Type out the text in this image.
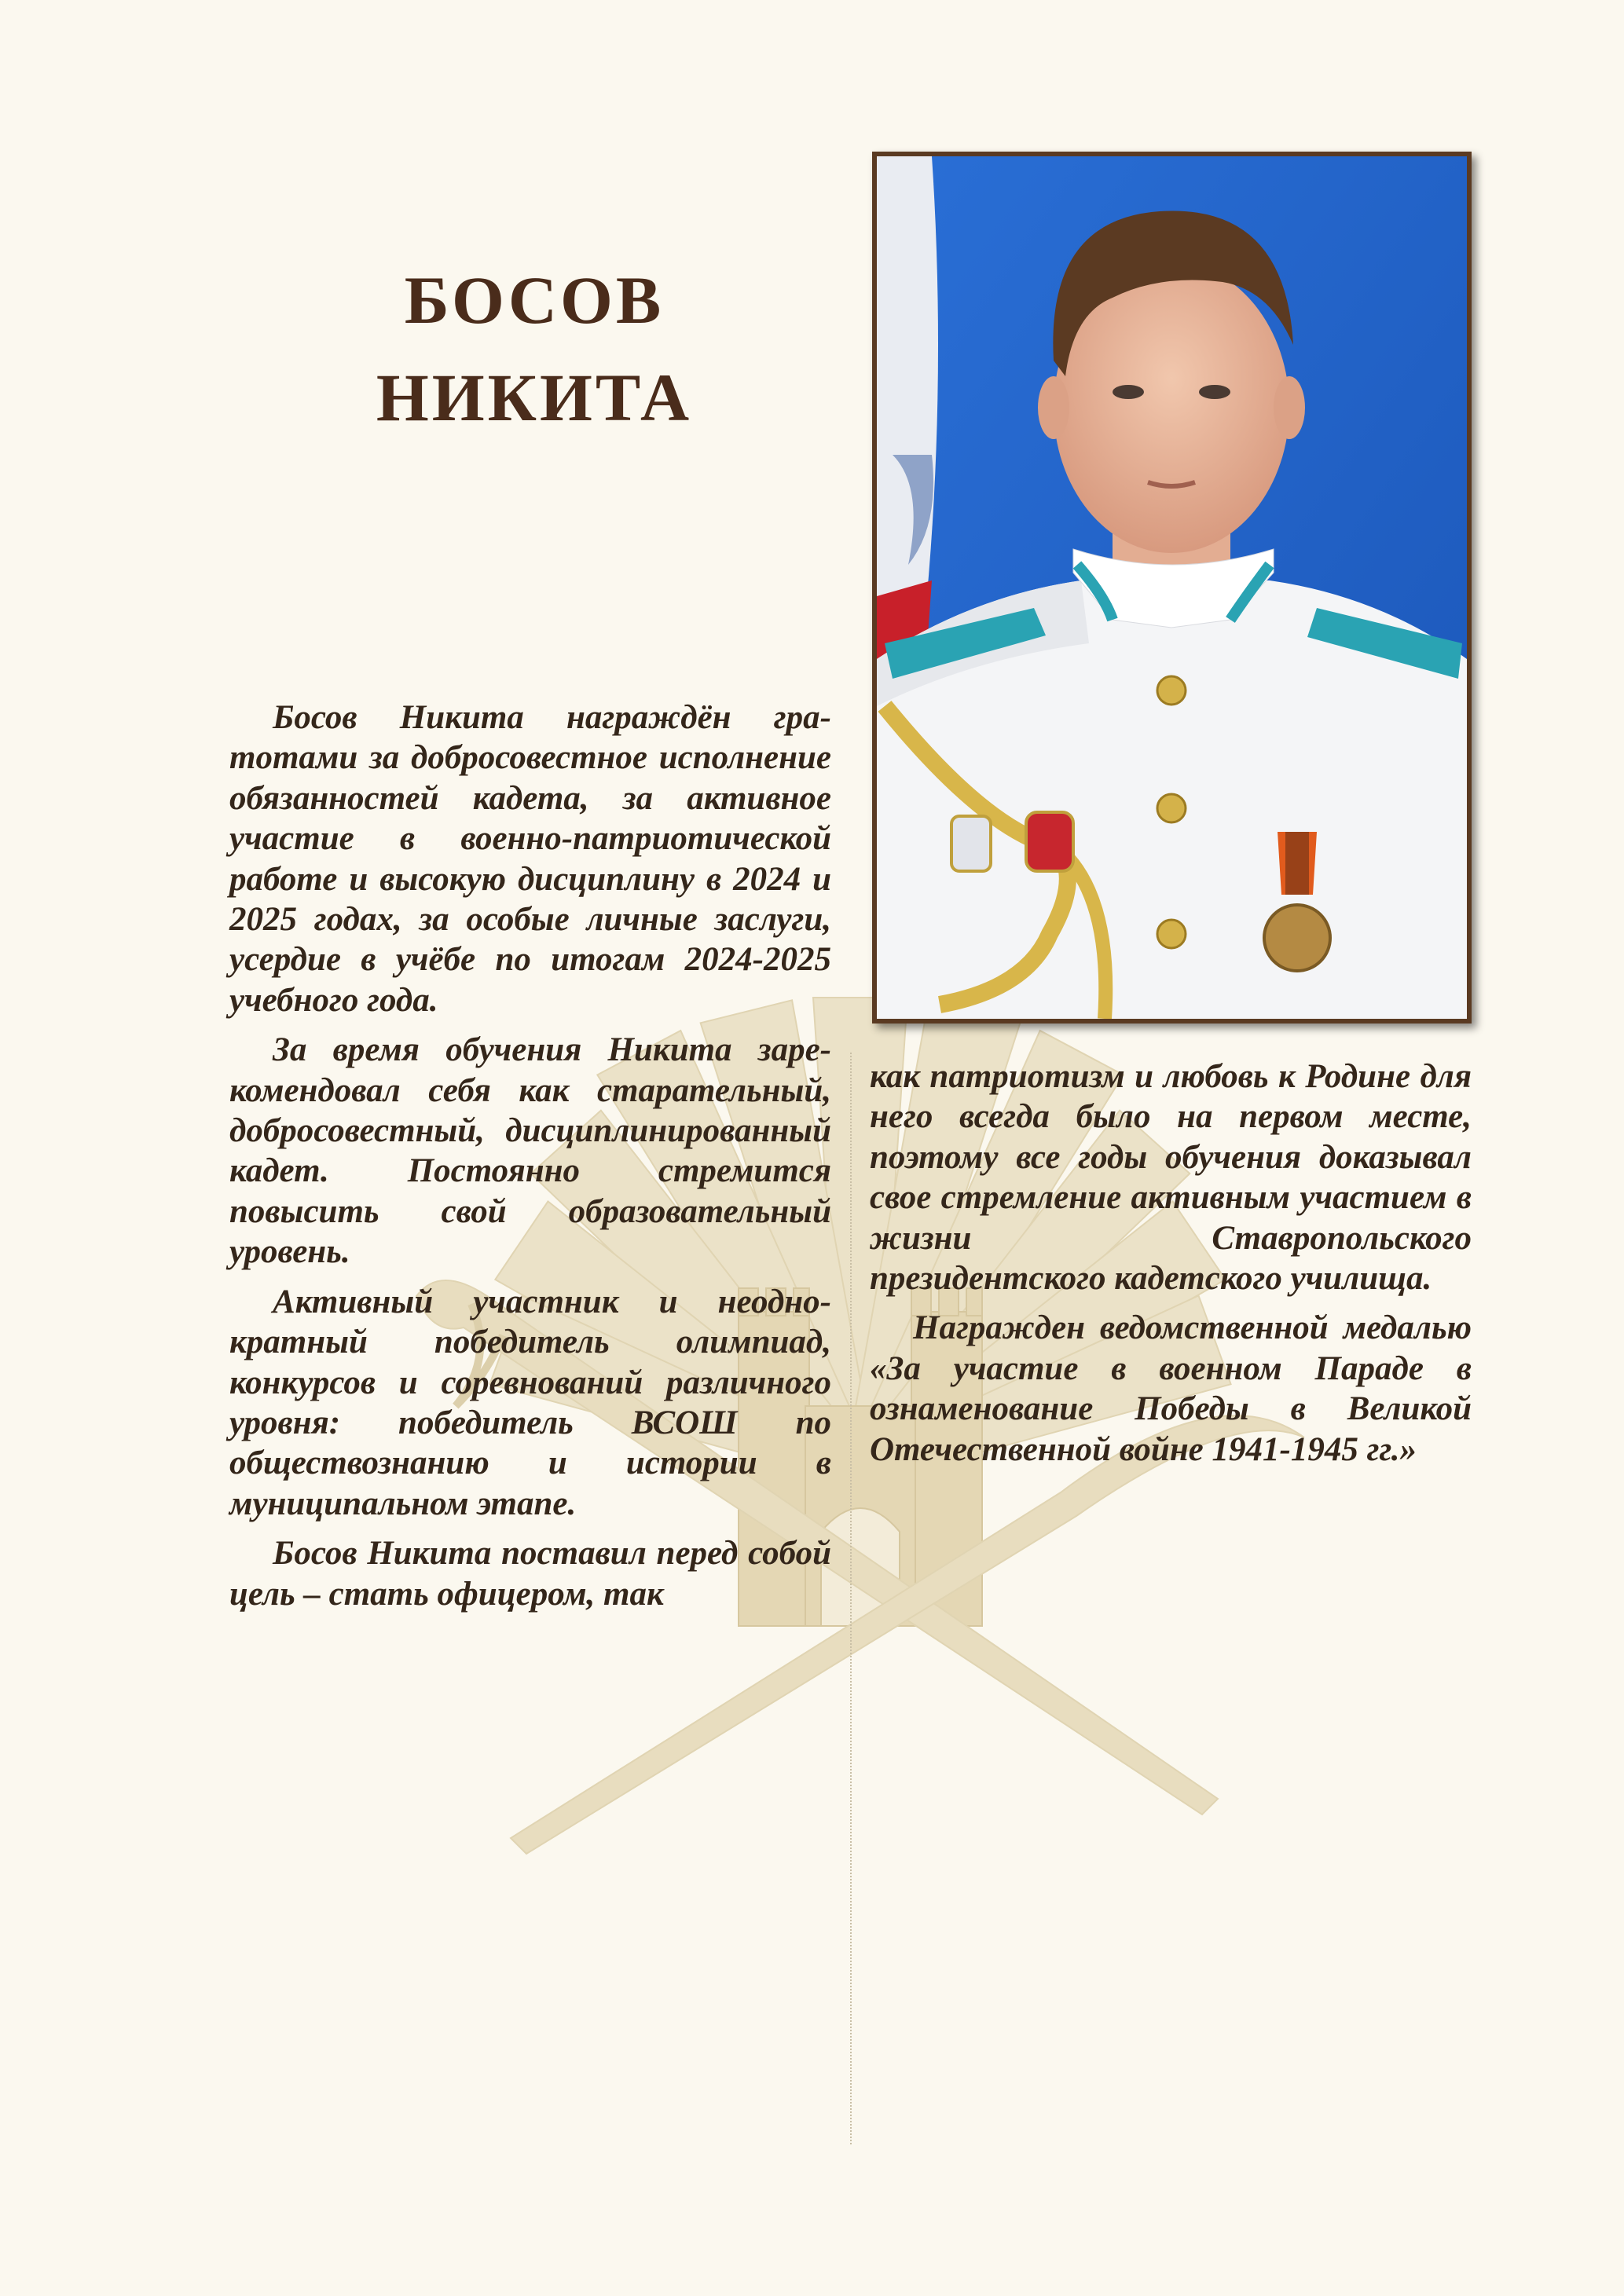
БОСОВ
НИКИТА

Босов Никита награждён граmотами за добросовестное исполнение обязанностей кадета, за активное участие в военно-патриотической работе и высокую дисциплину в 2024 и 2025 годах, за особые личные заслуги, усердие в учёбе по итогам 2024-2025 учебного года.

За время обучения Никита зарекомендовал себя как старательный, добросовестный, дисциплинированный кадет. Постоянно стремится повысить свой образовательный уровень.

Активный участник и неоднократный победитель олимпиад, конкурсов и соревнований различного уровня: победитель ВСОШ по обществознанию и истории в муниципальном этапе.

Босов Никита поставил перед собой цель – стать офицером, так

как патриотизм и любовь к Родине для него всегда было на первом месте, поэтому все годы обучения доказывал свое стремление активным участием в жизни Ставропольского президентского кадетского училища.

Награжден ведомственной медалью «За участие в военном Параде в ознаменование Победы в Великой Отечественной войне 1941-1945 гг.»
